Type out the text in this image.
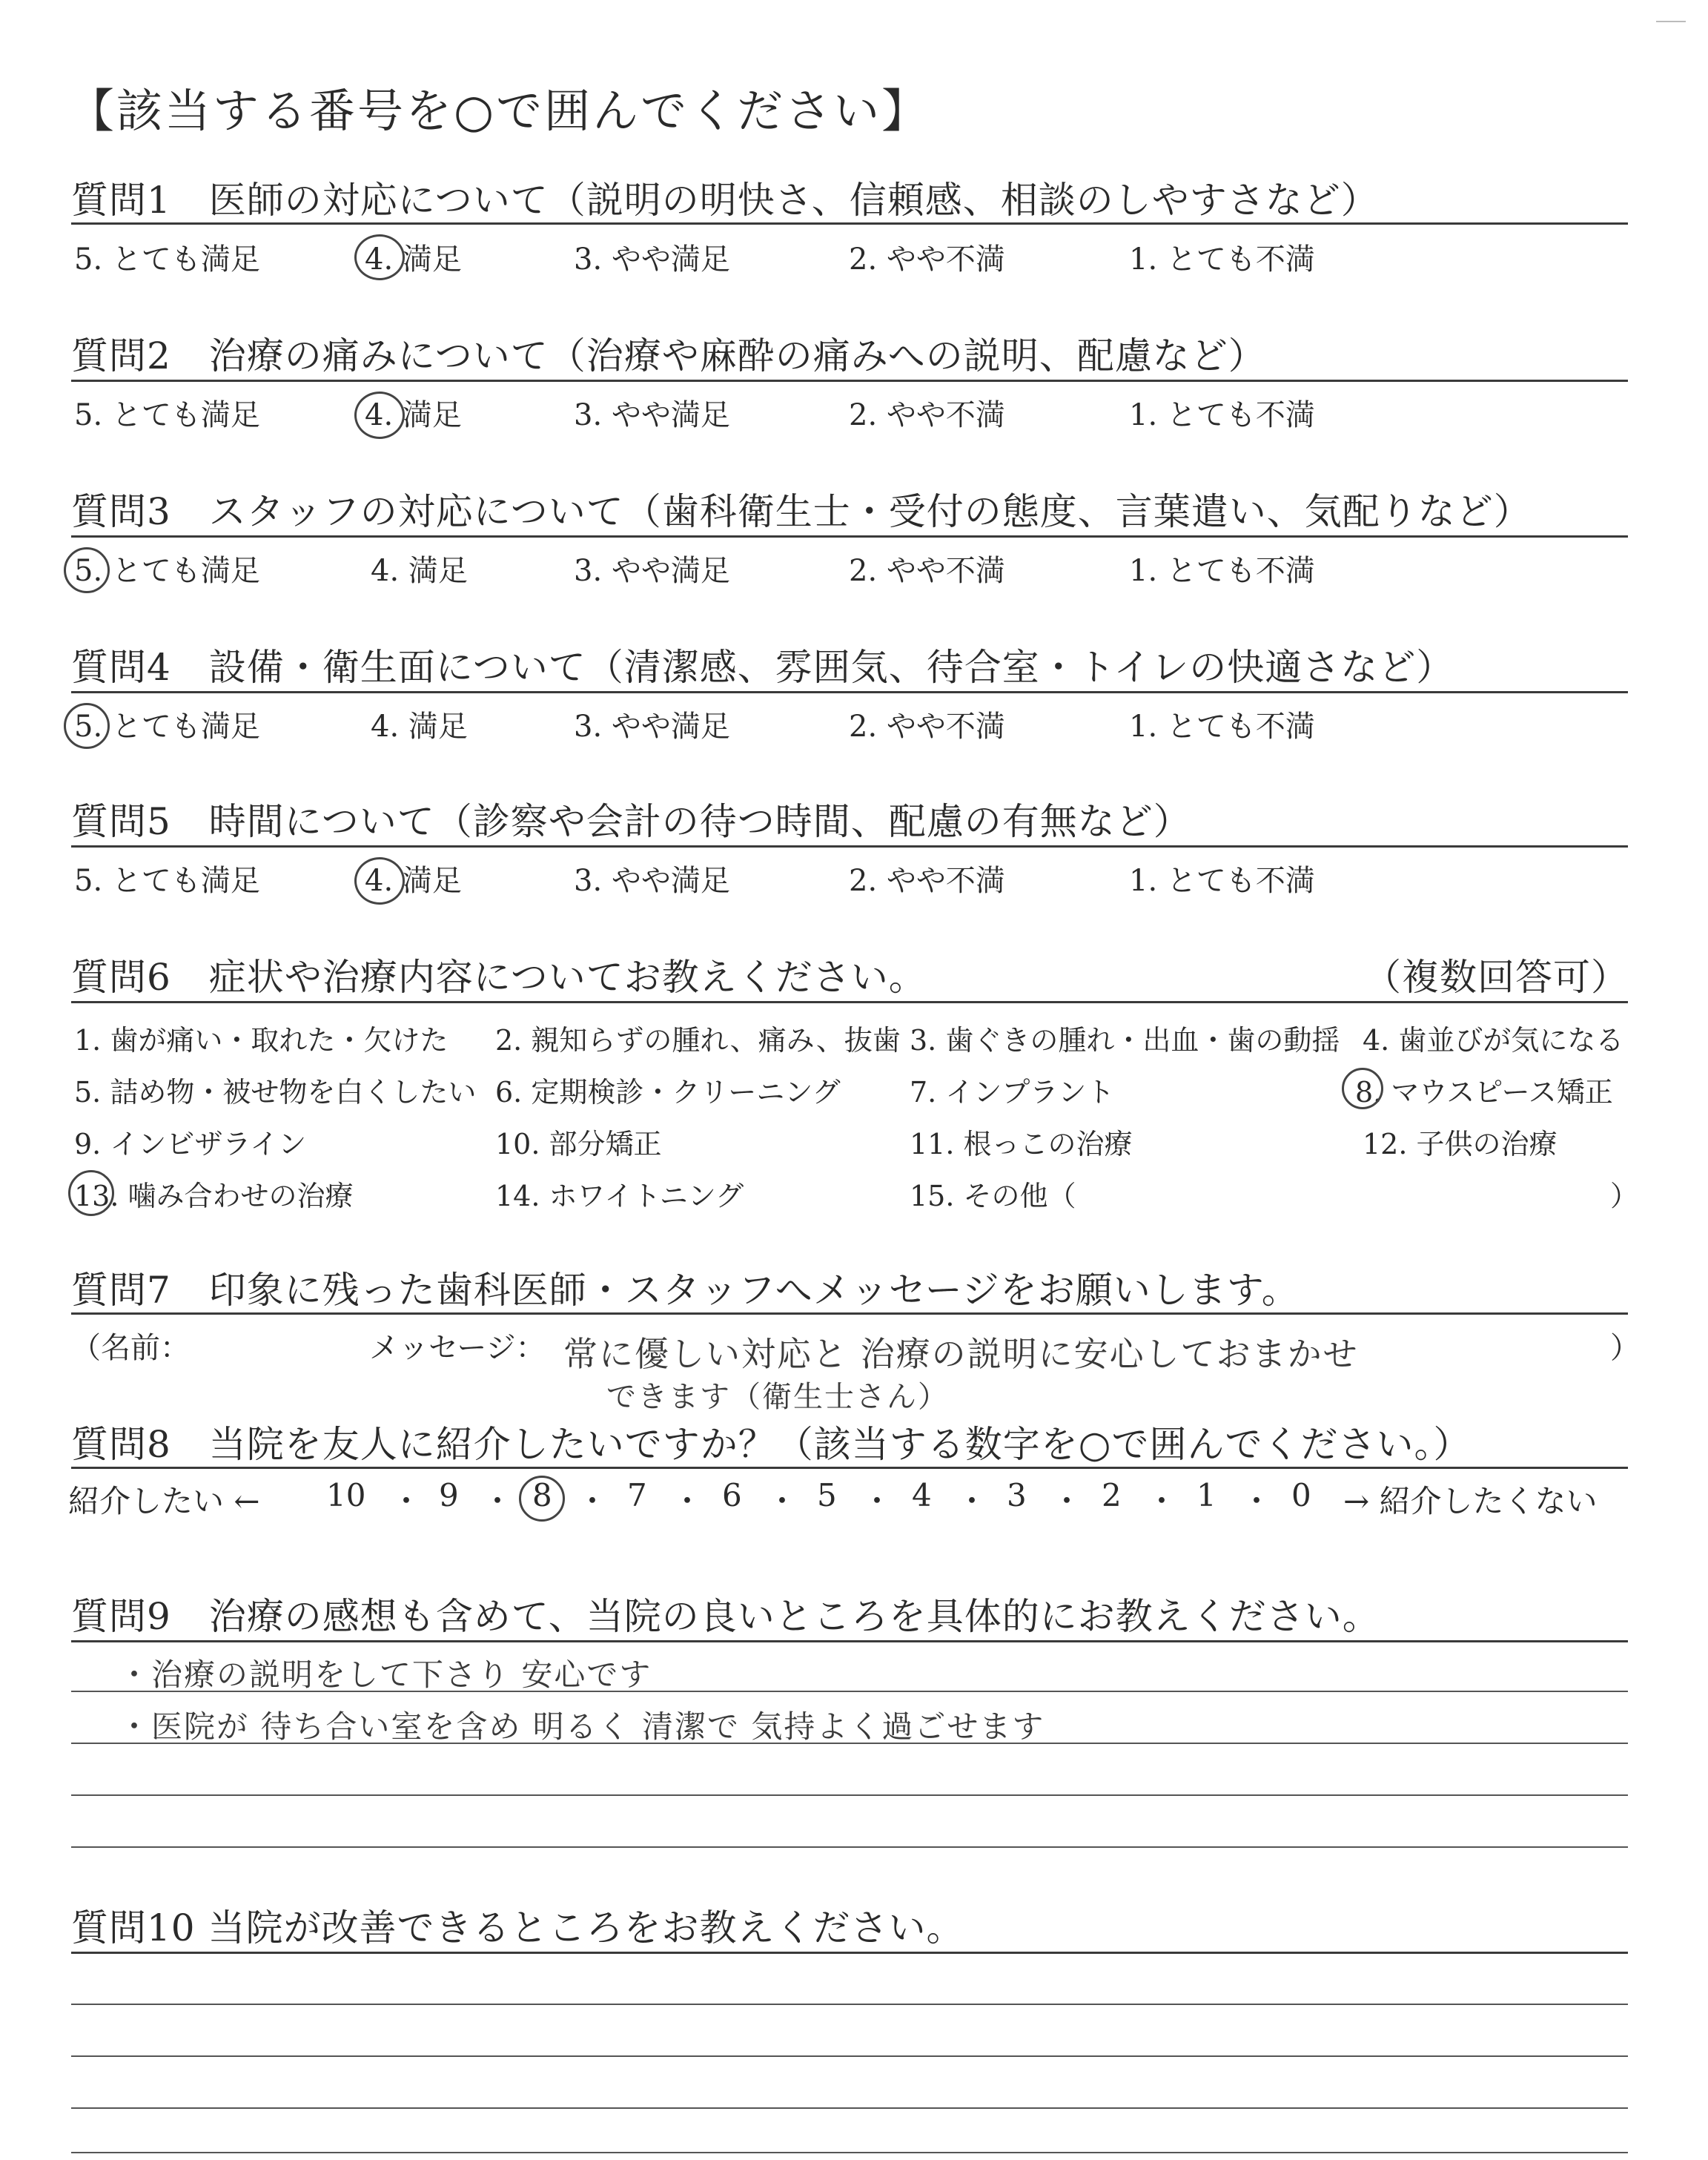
【該当する番号を○で囲んでください】
質問1　医師の対応について（説明の明快さ、信頼感、相談のしやすさなど）
5. とても満足	4. 満足	3. やや満足	2. やや不満	1. とても不満
質問2　治療の痛みについて（治療や麻酔の痛みへの説明、配慮など）
5. とても満足	4. 満足	3. やや満足	2. やや不満	1. とても不満
質問3　スタッフの対応について（歯科衛生士・受付の態度、言葉遣い、気配りなど）
5. とても満足	4. 満足	3. やや満足	2. やや不満	1. とても不満
質問4　設備・衛生面について（清潔感、雰囲気、待合室・トイレの快適さなど）
5. とても満足	4. 満足	3. やや満足	2. やや不満	1. とても不満
質問5　時間について（診察や会計の待つ時間、配慮の有無など）
5. とても満足	4. 満足	3. やや満足	2. やや不満	1. とても不満
質問6　症状や治療内容についてお教えください。	（複数回答可）
1. 歯が痛い・取れた・欠けた 2. 親知らずの腫れ、痛み、抜歯 3. 歯ぐきの腫れ・出血・歯の動揺 4. 歯並びが気になる
5. 詰め物・被せ物を白くしたい 6. 定期検診・クリーニング 7. インプラント	8. マウスピース矯正
9. インビザライン	10. 部分矯正	11. 根っこの治療	12. 子供の治療
13. 噛み合わせの治療	14. ホワイトニング	15. その他（	）
質問7　印象に残った歯科医師・スタッフへメッセージをお願いします。
（名前：	メッセージ：	）
常に優しい対応と 治療の説明に安心しておまかせ
できます（衛生士さん）
質問8　当院を友人に紹介したいですか？（該当する数字を○で囲んでください。）
紹介したい ← 10 ・ 9 ・ 8 ・ 7 ・ 6 ・ 5 ・ 4 ・ 3 ・ 2 ・ 1 ・ 0 → 紹介したくない
質問9　治療の感想も含めて、当院の良いところを具体的にお教えください。
・治療の説明をして下さり 安心です
・医院が 待ち合い室を含め 明るく 清潔で 気持よく過ごせます
質問10 当院が改善できるところをお教えください。
